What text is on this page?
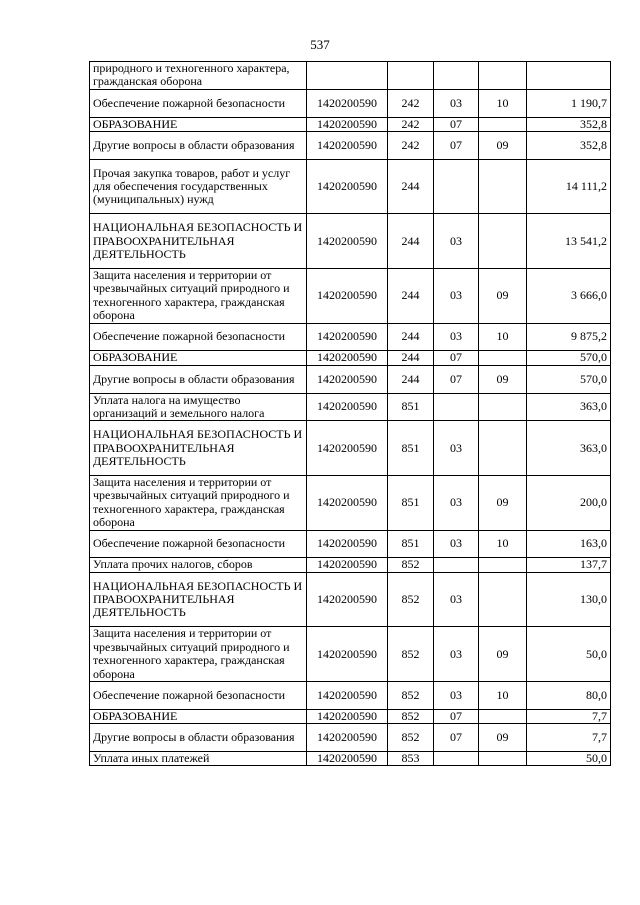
537
природного и техногенного характера, гражданская оборона					
Обеспечение пожарной безопасности	1420200590	242	03	10	1 190,7
ОБРАЗОВАНИЕ	1420200590	242	07		352,8
Другие вопросы в области образования	1420200590	242	07	09	352,8
Прочая закупка товаров, работ и услуг для обеспечения государственных (муниципальных) нужд	1420200590	244			14 111,2
НАЦИОНАЛЬНАЯ БЕЗОПАСНОСТЬ И ПРАВООХРАНИТЕЛЬНАЯ ДЕЯТЕЛЬНОСТЬ	1420200590	244	03		13 541,2
Защита населения и территории от чрезвычайных ситуаций природного и техногенного характера, гражданская оборона	1420200590	244	03	09	3 666,0
Обеспечение пожарной безопасности	1420200590	244	03	10	9 875,2
ОБРАЗОВАНИЕ	1420200590	244	07		570,0
Другие вопросы в области образования	1420200590	244	07	09	570,0
Уплата налога на имущество организаций и земельного налога	1420200590	851			363,0
НАЦИОНАЛЬНАЯ БЕЗОПАСНОСТЬ И ПРАВООХРАНИТЕЛЬНАЯ ДЕЯТЕЛЬНОСТЬ	1420200590	851	03		363,0
Защита населения и территории от чрезвычайных ситуаций природного и техногенного характера, гражданская оборона	1420200590	851	03	09	200,0
Обеспечение пожарной безопасности	1420200590	851	03	10	163,0
Уплата прочих налогов, сборов	1420200590	852			137,7
НАЦИОНАЛЬНАЯ БЕЗОПАСНОСТЬ И ПРАВООХРАНИТЕЛЬНАЯ ДЕЯТЕЛЬНОСТЬ	1420200590	852	03		130,0
Защита населения и территории от чрезвычайных ситуаций природного и техногенного характера, гражданская оборона	1420200590	852	03	09	50,0
Обеспечение пожарной безопасности	1420200590	852	03	10	80,0
ОБРАЗОВАНИЕ	1420200590	852	07		7,7
Другие вопросы в области образования	1420200590	852	07	09	7,7
Уплата иных платежей	1420200590	853			50,0
